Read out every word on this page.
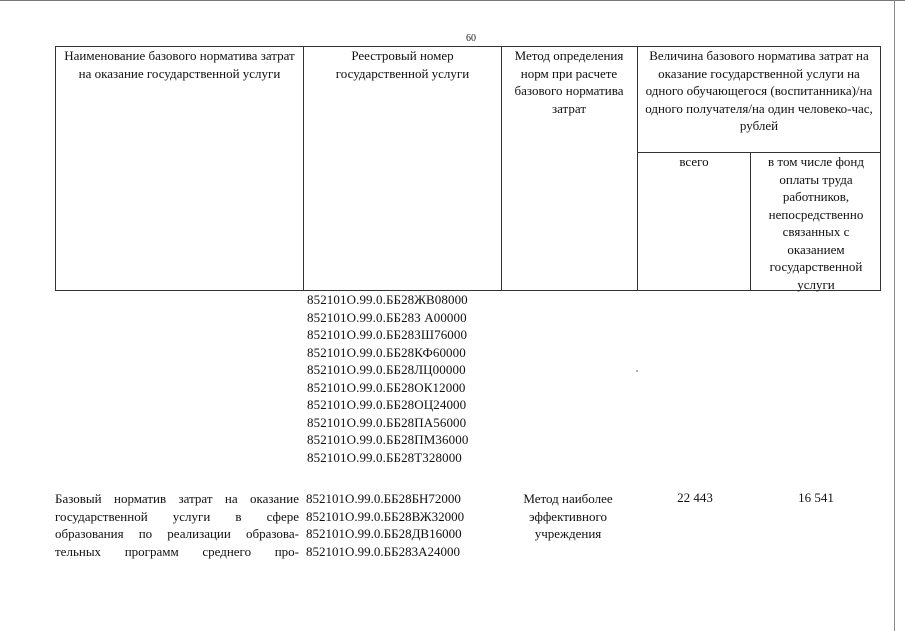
60
Наименование базового норматива затрат на оказание государственной услуги
Реестровый номер государственной услуги
Метод определения норм при расчете базового норматива затрат
Величина базового норматива затрат на оказание государственной услуги на одного обучающегося (воспитанника)/на одного получателя/на один человеко-час, рублей
всего	в том числе фонд оплаты труда работников, непосредственно связанных с оказанием государственной услуги
852101О.99.0.ББ28ЖВ08000
852101О.99.0.ББ28З А00000
852101О.99.0.ББ28ЗШ76000
852101О.99.0.ББ28КФ60000
852101О.99.0.ББ28ЛЦ00000
852101О.99.0.ББ28ОК12000
852101О.99.0.ББ28ОЦ24000
852101О.99.0.ББ28ПА56000
852101О.99.0.ББ28ПМ36000
852101О.99.0.ББ28Т328000
Базовый норматив затрат на оказание
государственной услуги в сфере
образования по реализации образова-
тельных программ среднего про-
852101О.99.0.ББ28БН72000
852101О.99.0.ББ28ВЖ32000
852101О.99.0.ББ28ДВ16000
852101О.99.0.ББ283А24000
Метод наиболее
эффективного
учреждения
22 443	16 541
